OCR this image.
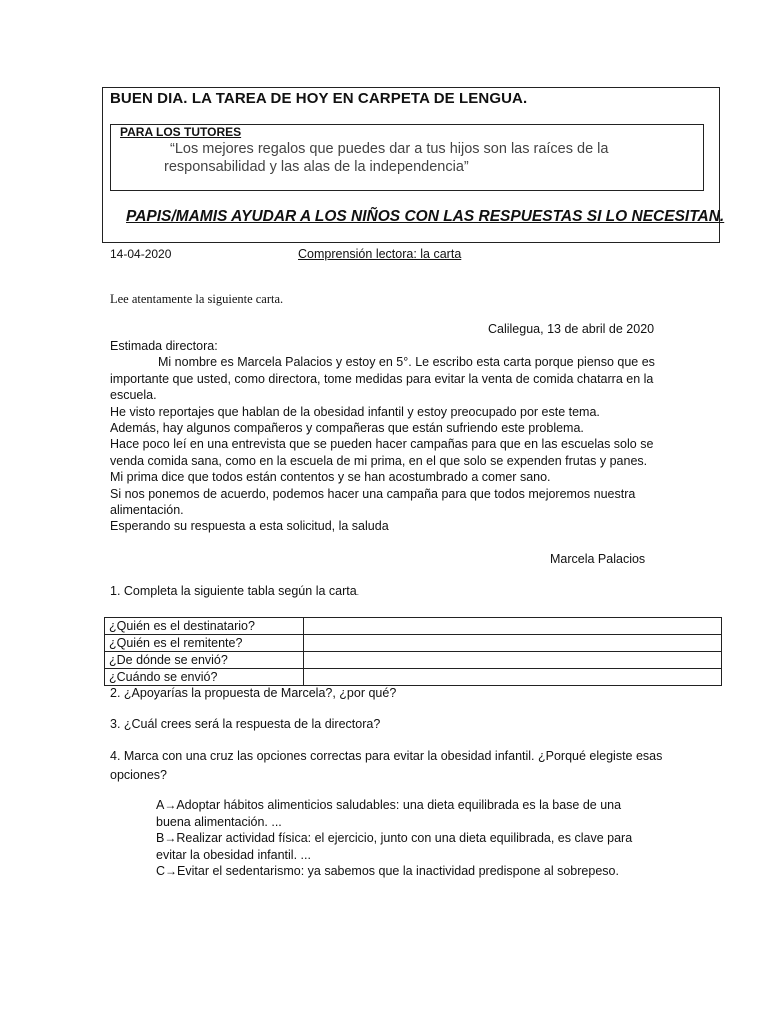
BUEN DIA. LA TAREA DE HOY EN CARPETA DE LENGUA.
PARA LOS TUTORES
“Los mejores regalos que puedes dar a tus hijos son las raíces de la
responsabilidad y las alas de la independencia”
PAPIS/MAMIS AYUDAR A LOS NIÑOS CON LAS RESPUESTAS SI LO NECESITAN.
14-04-2020	Comprensión lectora: la carta
Lee atentamente la siguiente carta.
Calilegua, 13 de abril de 2020

Estimada directora:

Mi nombre es Marcela Palacios y estoy en 5°. Le escribo esta carta porque pienso que es importante que usted, como directora, tome medidas para evitar la venta de comida chatarra en la escuela.

He visto reportajes que hablan de la obesidad infantil y estoy preocupado por este tema.

Además, hay algunos compañeros y compañeras que están sufriendo este problema.

Hace poco leí en una entrevista que se pueden hacer campañas para que en las escuelas solo se venda comida sana, como en la escuela de mi prima, en el que solo se expenden frutas y panes.

Mi prima dice que todos están contentos y se han acostumbrado a comer sano.

Si nos ponemos de acuerdo, podemos hacer una campaña para que todos mejoremos nuestra alimentación.

Esperando su respuesta a esta solicitud, la saluda

Marcela Palacios
1. Completa la siguiente tabla según la carta.
¿Quién es el destinatario?	
¿Quién es el remitente?	
¿De dónde se envió?	
¿Cuándo se envió?	
2. ¿Apoyarías la propuesta de Marcela?, ¿por qué?
3. ¿Cuál crees será la respuesta de la directora?
4. Marca con una cruz las opciones correctas para evitar la obesidad infantil. ¿Porqué elegiste esas opciones?

A→Adoptar hábitos alimenticios saludables: una dieta equilibrada es la base de una buena alimentación. ...

B→Realizar actividad física: el ejercicio, junto con una dieta equilibrada, es clave para evitar la obesidad infantil. ...

C→Evitar el sedentarismo: ya sabemos que la inactividad predispone al sobrepeso.
